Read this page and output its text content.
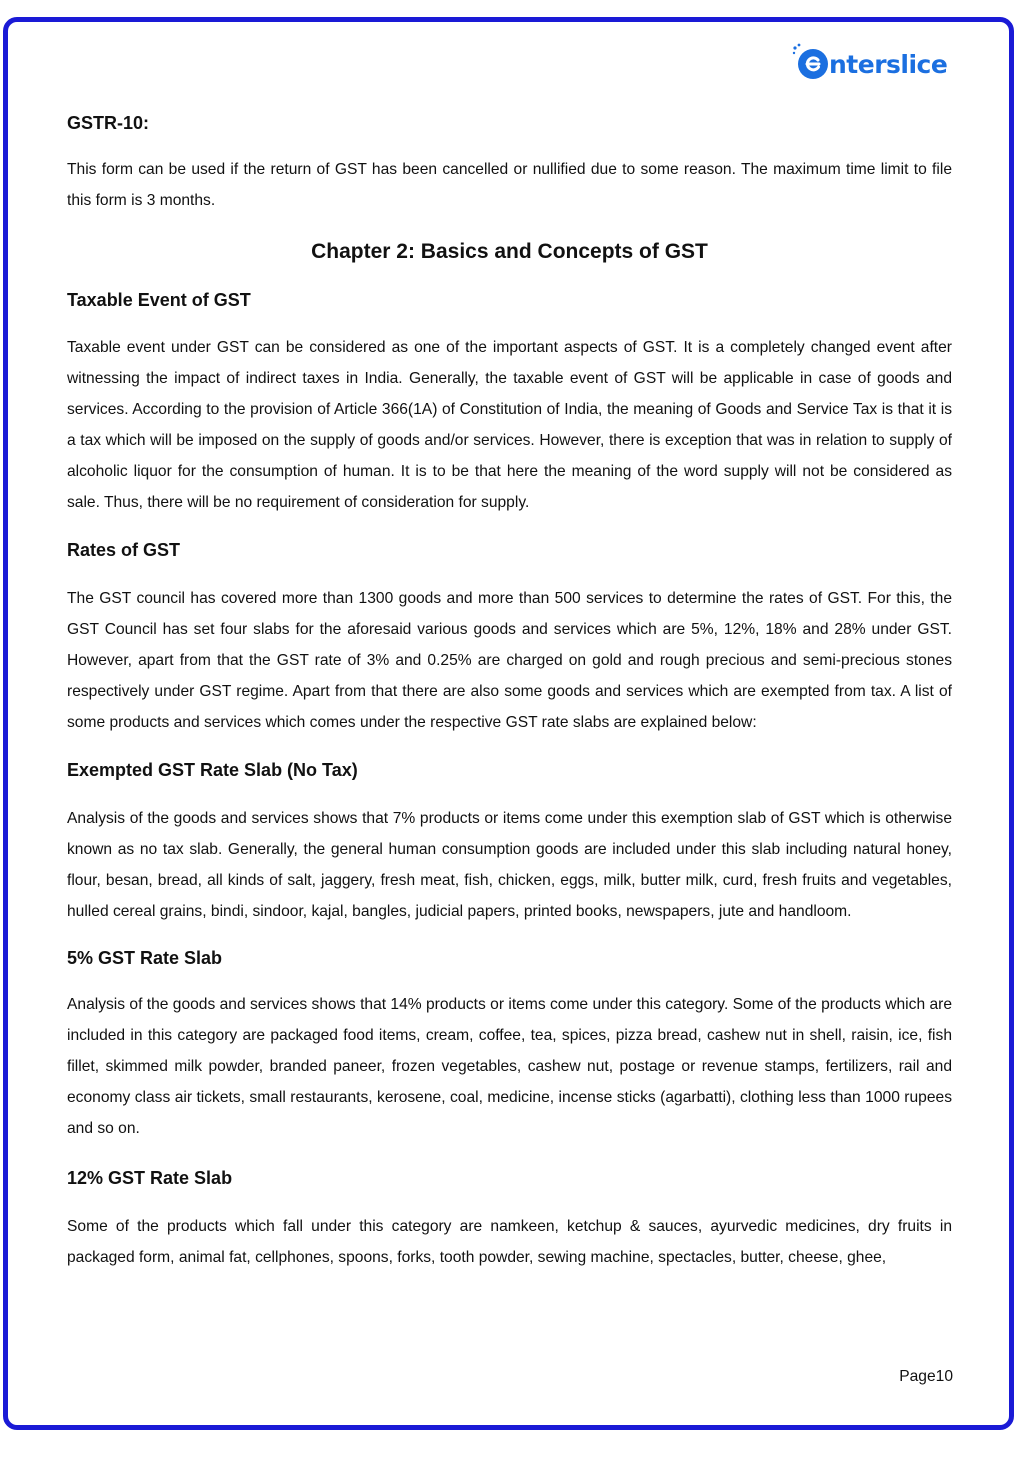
nterslice
GSTR-10:

This form can be used if the return of GST has been cancelled or nullified due to some reason. The maximum time limit to file this form is 3 months.

Chapter 2: Basics and Concepts of GST
Taxable Event of GST

Taxable event under GST can be considered as one of the important aspects of GST. It is a completely changed event after witnessing the impact of indirect taxes in India. Generally, the taxable event of GST will be applicable in case of goods and services. According to the provision of Article 366(1A) of Constitution of India, the meaning of Goods and Service Tax is that it is a tax which will be imposed on the supply of goods and/or services. However, there is exception that was in relation to supply of alcoholic liquor for the consumption of human. It is to be that here the meaning of the word supply will not be considered as sale. Thus, there will be no requirement of consideration for supply.

Rates of GST

The GST council has covered more than 1300 goods and more than 500 services to determine the rates of GST. For this, the GST Council has set four slabs for the aforesaid various goods and services which are 5%, 12%, 18% and 28% under GST. However, apart from that the GST rate of 3% and 0.25% are charged on gold and rough precious and semi-precious stones respectively under GST regime. Apart from that there are also some goods and services which are exempted from tax. A list of some products and services which comes under the respective GST rate slabs are explained below:

Exempted GST Rate Slab (No Tax)

Analysis of the goods and services shows that 7% products or items come under this exemption slab of GST which is otherwise known as no tax slab. Generally, the general human consumption goods are included under this slab including natural honey, flour, besan, bread, all kinds of salt, jaggery, fresh meat, fish, chicken, eggs, milk, butter milk, curd, fresh fruits and vegetables, hulled cereal grains, bindi, sindoor, kajal, bangles, judicial papers, printed books, newspapers, jute and handloom.

5% GST Rate Slab

Analysis of the goods and services shows that 14% products or items come under this category. Some of the products which are included in this category are packaged food items, cream, coffee, tea, spices, pizza bread, cashew nut in shell, raisin, ice, fish fillet, skimmed milk powder, branded paneer, frozen vegetables, cashew nut, postage or revenue stamps, fertilizers, rail and economy class air tickets, small restaurants, kerosene, coal, medicine, incense sticks (agarbatti), clothing less than 1000 rupees and so on.

12% GST Rate Slab

Some of the products which fall under this category are namkeen, ketchup & sauces, ayurvedic medicines, dry fruits in packaged form, animal fat, cellphones, spoons, forks, tooth powder, sewing machine, spectacles, butter, cheese, ghee,

Page10
